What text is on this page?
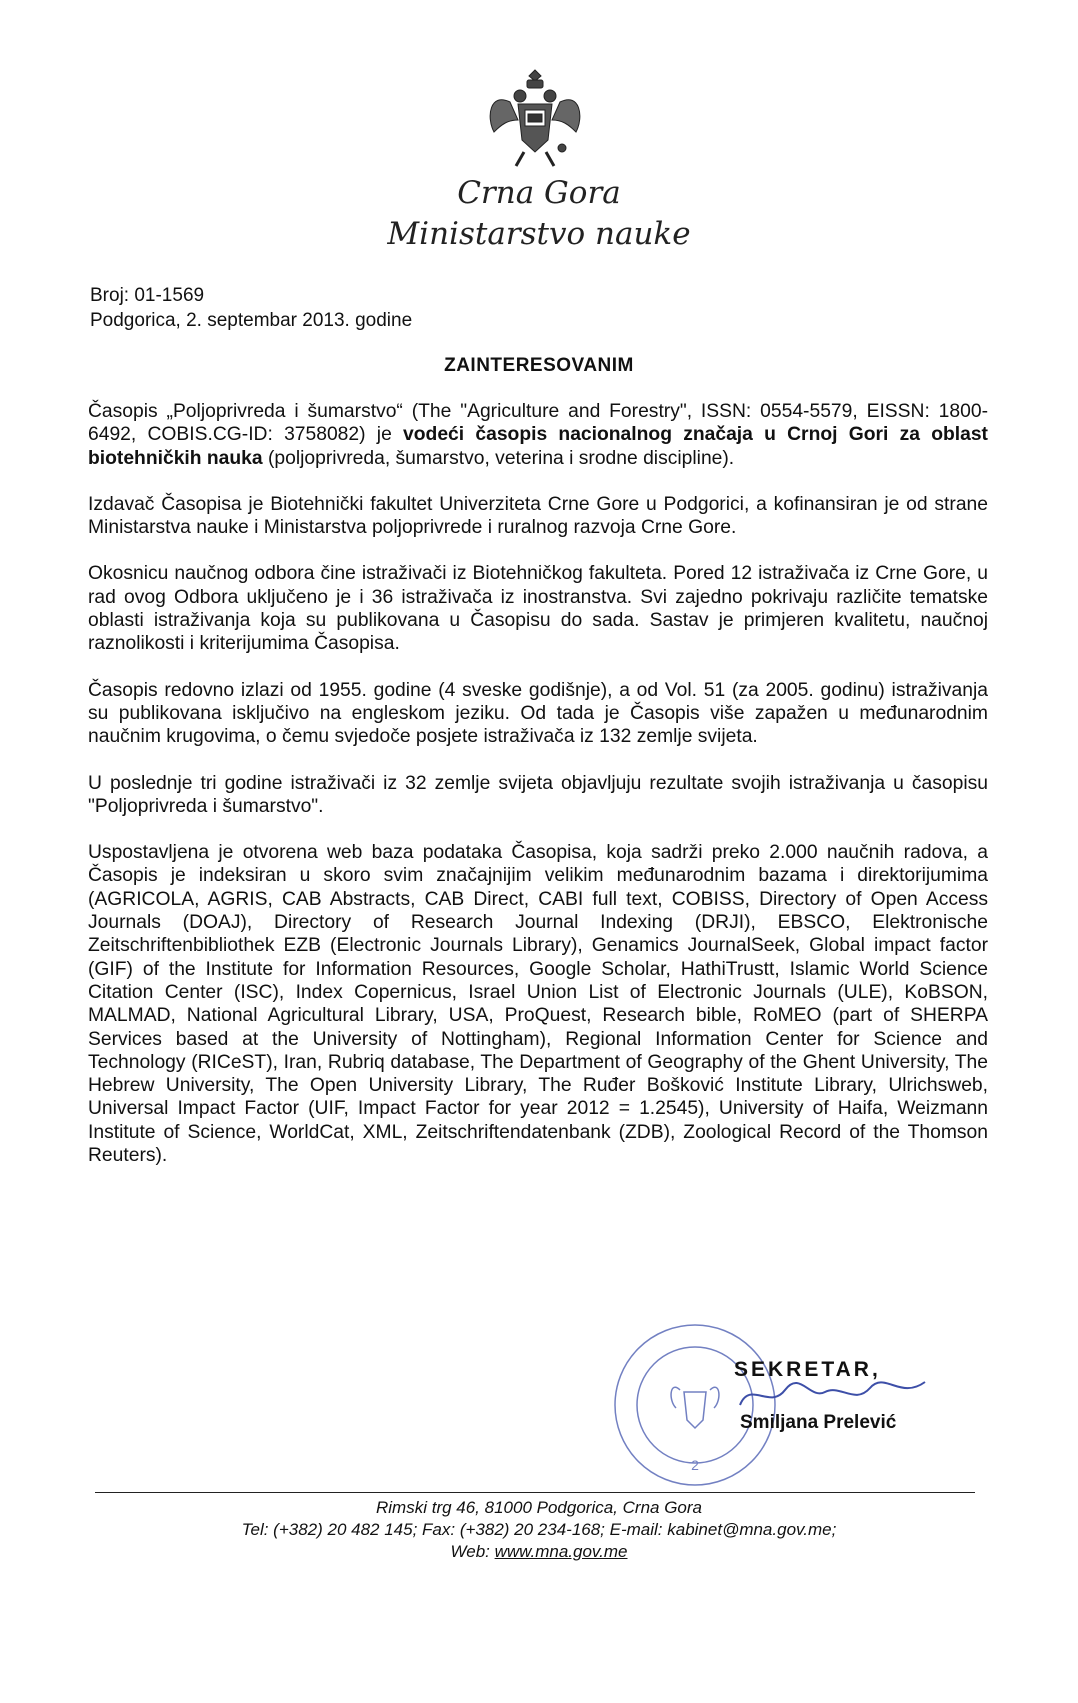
Crna Gora
Ministarstvo nauke
Broj: 01-1569
Podgorica, 2. septembar 2013. godine
ZAINTERESOVANIM

Časopis „Poljoprivreda i šumarstvo“ (The "Agriculture and Forestry", ISSN: 0554-5579, EISSN: 1800-6492, COBIS.CG-ID: 3758082) je vodeći časopis nacionalnog značaja u Crnoj Gori za oblast biotehničkih nauka (poljoprivreda, šumarstvo, veterina i srodne discipline).

Izdavač Časopisa je Biotehnički fakultet Univerziteta Crne Gore u Podgorici, a kofinansiran je od strane Ministarstva nauke i Ministarstva poljoprivrede i ruralnog razvoja Crne Gore.

Okosnicu naučnog odbora čine istraživači iz Biotehničkog fakulteta. Pored 12 istraživača iz Crne Gore, u rad ovog Odbora uključeno je i 36 istraživača iz inostranstva. Svi zajedno pokrivaju različite tematske oblasti istraživanja koja su publikovana u Časopisu do sada. Sastav je primjeren kvalitetu, naučnoj raznolikosti i kriterijumima Časopisa.

Časopis redovno izlazi od 1955. godine (4 sveske godišnje), a od Vol. 51 (za 2005. godinu) istraživanja su publikovana isključivo na engleskom jeziku. Od tada je Časopis više zapažen u međunarodnim naučnim krugovima, o čemu svjedoče posjete istraživača iz 132 zemlje svijeta.

U poslednje tri godine istraživači iz 32 zemlje svijeta objavljuju rezultate svojih istraživanja u časopisu "Poljoprivreda i šumarstvo".

Uspostavljena je otvorena web baza podataka Časopisa, koja sadrži preko 2.000 naučnih radova, a Časopis je indeksiran u skoro svim značajnijim velikim međunarodnim bazama i direktorijumima (AGRICOLA, AGRIS, CAB Abstracts, CAB Direct, CABI full text, COBISS, Directory of Open Access Journals (DOAJ), Directory of Research Journal Indexing (DRJI), EBSCO, Elektronische Zeitschriftenbibliothek EZB (Electronic Journals Library), Genamics JournalSeek, Global impact factor (GIF) of the Institute for Information Resources, Google Scholar, HathiTrustt, Islamic World Science Citation Center (ISC), Index Copernicus, Israel Union List of Electronic Journals (ULE), KoBSON, MALMAD, National Agricultural Library, USA, ProQuest, Research bible, RoMEO (part of SHERPA Services based at the University of Nottingham), Regional Information Center for Science and Technology (RICeST), Iran, Rubriq database, The Department of Geography of the Ghent University, The Hebrew University, The Open University Library, The Ruđer Bošković Institute Library, Ulrichsweb, Universal Impact Factor (UIF, Impact Factor for year 2012 = 1.2545), University of Haifa, Weizmann Institute of Science, WorldCat, XML, Zeitschriftendatenbank (ZDB), Zoological Record of the Thomson Reuters).

2
SEKRETAR,
Smiljana Prelević
Rimski trg 46, 81000 Podgorica, Crna Gora
Tel: (+382) 20 482 145; Fax: (+382) 20 234-168; E-mail: kabinet@mna.gov.me;
Web: www.mna.gov.me
